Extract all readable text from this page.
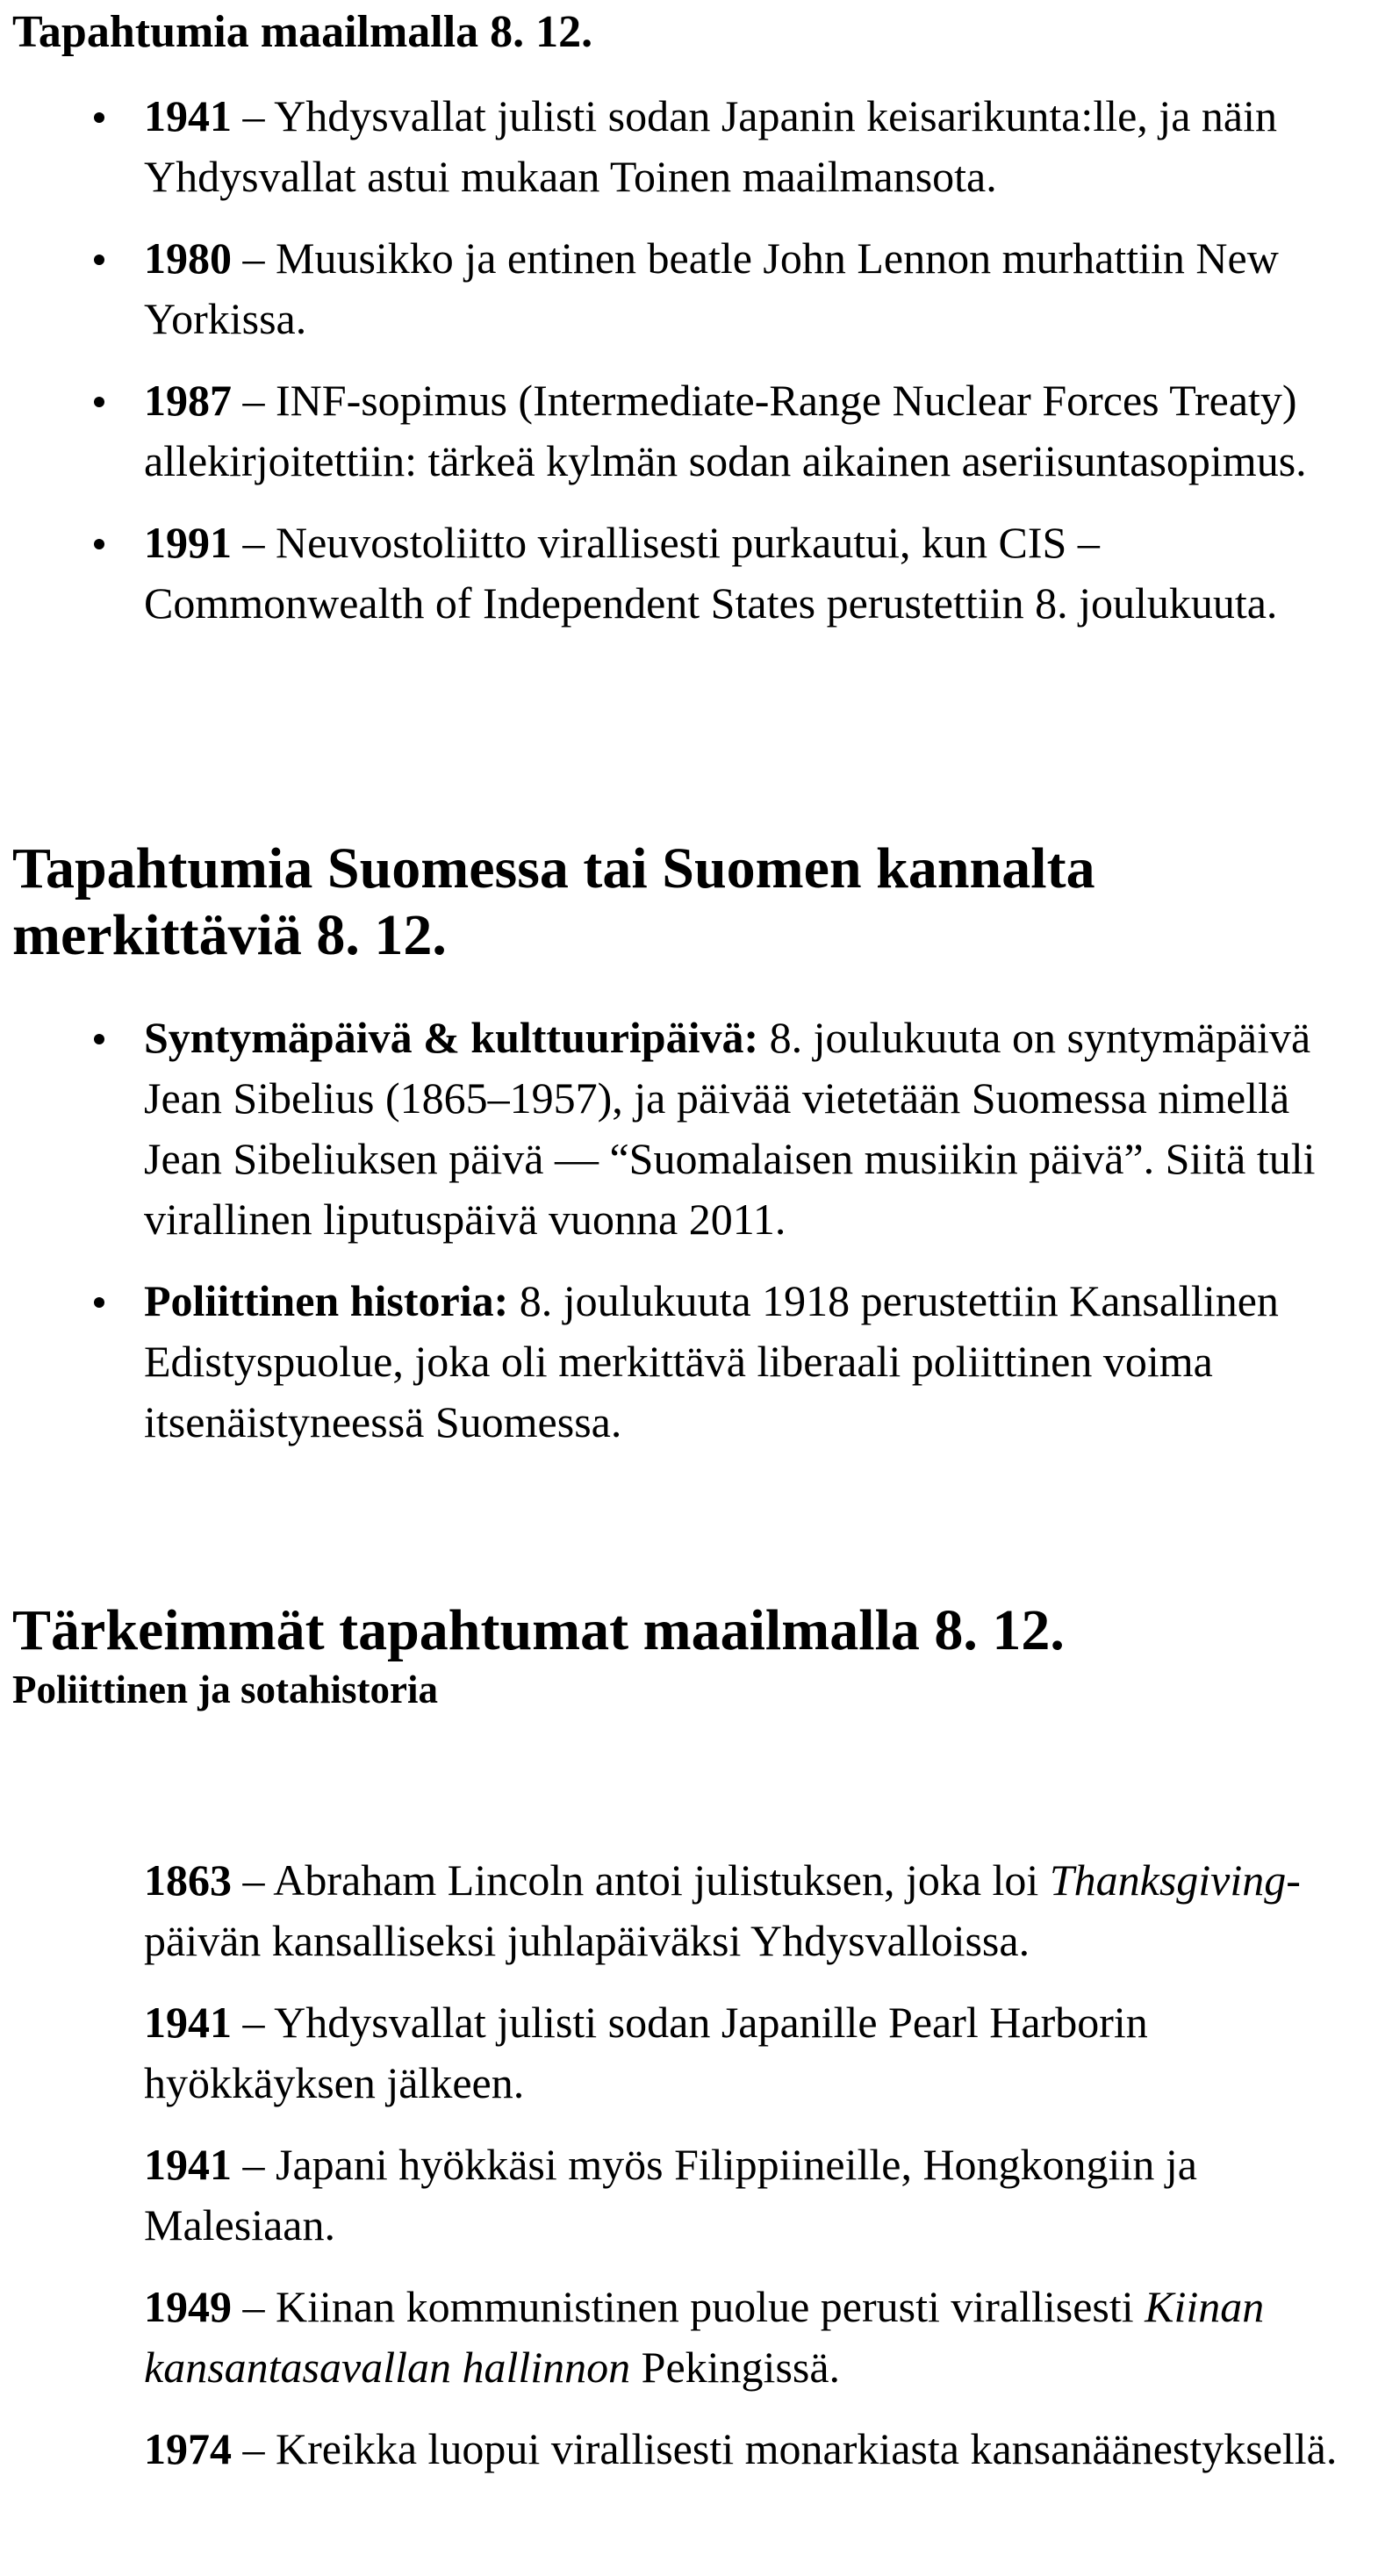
Tapahtumia maailmalla 8. 12.
1941 – Yhdysvallat julisti sodan Japanin keisarikunta:lle, ja näin Yhdysvallat astui mukaan Toinen maailmansota.
1980 – Muusikko ja entinen beatle John Lennon murhattiin New Yorkissa.
1987 – INF-sopimus (Intermediate-Range Nuclear Forces Treaty) allekirjoitettiin: tärkeä kylmän sodan aikainen aseriisuntasopimus.
1991 – Neuvostoliitto virallisesti purkautui, kun CIS – Commonwealth of Independent States perustettiin 8. joulukuuta.
Tapahtumia Suomessa tai Suomen kannalta merkittäviä 8. 12.
Syntymäpäivä & kulttuuripäivä: 8. joulukuuta on syntymäpäivä Jean Sibelius (1865–1957), ja päivää vietetään Suomessa nimellä Jean Sibeliuksen päivä — “Suomalaisen musiikin päivä”. Siitä tuli virallinen liputuspäivä vuonna 2011.
Poliittinen historia: 8. joulukuuta 1918 perustettiin Kansallinen Edistyspuolue, joka oli merkittävä liberaali poliittinen voima itsenäistyneessä Suomessa.
Tärkeimmät tapahtumat maailmalla 8. 12.

Poliittinen ja sotahistoria

1863 – Abraham Lincoln antoi julistuksen, joka loi Thanksgiving-päivän kansalliseksi juhlapäiväksi Yhdysvalloissa.
1941 – Yhdysvallat julisti sodan Japanille Pearl Harborin hyökkäyksen jälkeen.
1941 – Japani hyökkäsi myös Filippiineille, Hongkongiin ja Malesiaan.
1949 – Kiinan kommunistinen puolue perusti virallisesti Kiinan kansantasavallan hallinnon Pekingissä.
1974 – Kreikka luopui virallisesti monarkiasta kansanäänestyksellä.
